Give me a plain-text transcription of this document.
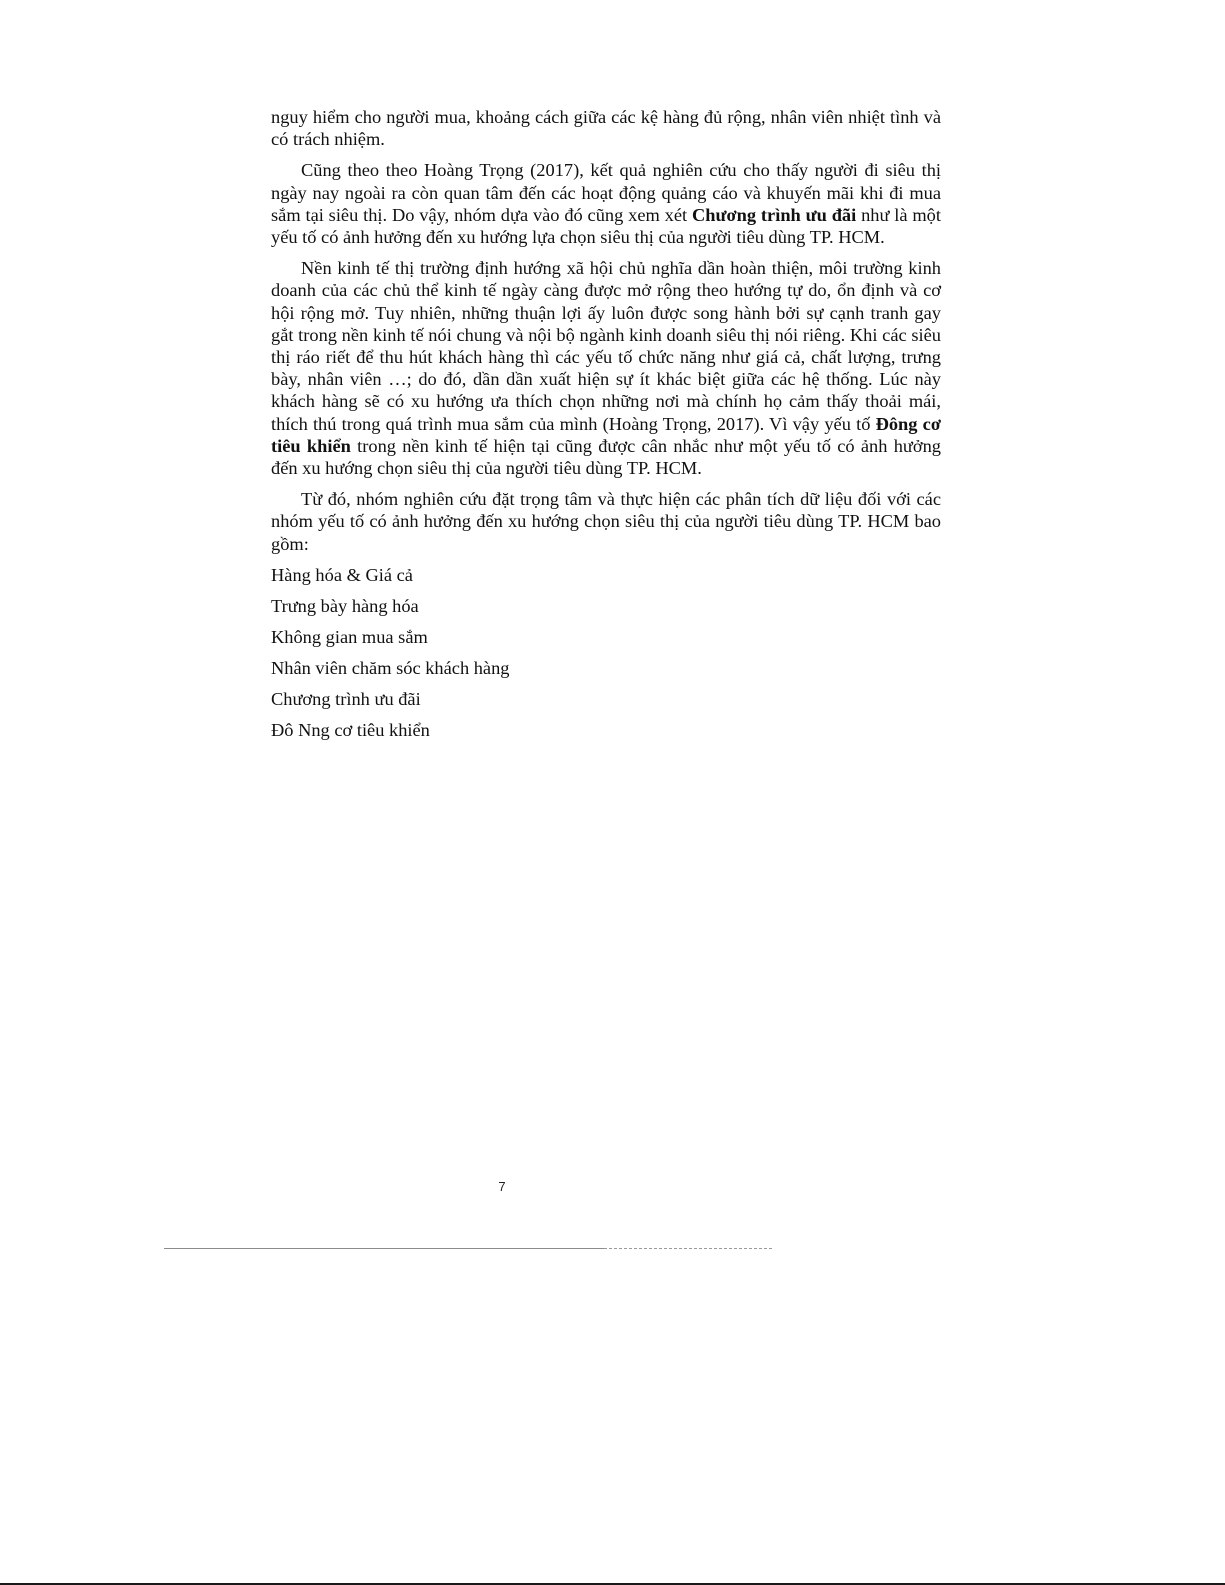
nguy hiểm cho người mua, khoảng cách giữa các kệ hàng đủ rộng, nhân viên nhiệt tình và có trách nhiệm.

Cũng theo theo Hoàng Trọng (2017), kết quả nghiên cứu cho thấy người đi siêu thị ngày nay ngoài ra còn quan tâm đến các hoạt động quảng cáo và khuyến mãi khi đi mua sắm tại siêu thị. Do vậy, nhóm dựa vào đó cũng xem xét Chương trình ưu đãi như là một yếu tố có ảnh hưởng đến xu hướng lựa chọn siêu thị của người tiêu dùng TP. HCM.

Nền kinh tế thị trường định hướng xã hội chủ nghĩa dần hoàn thiện, môi trường kinh doanh của các chủ thể kinh tế ngày càng được mở rộng theo hướng tự do, ổn định và cơ hội rộng mở. Tuy nhiên, những thuận lợi ấy luôn được song hành bởi sự cạnh tranh gay gắt trong nền kinh tế nói chung và nội bộ ngành kinh doanh siêu thị nói riêng. Khi các siêu thị ráo riết để thu hút khách hàng thì các yếu tố chức năng như giá cả, chất lượng, trưng bày, nhân viên …; do đó, dần dần xuất hiện sự ít khác biệt giữa các hệ thống. Lúc này khách hàng sẽ có xu hướng ưa thích chọn những nơi mà chính họ cảm thấy thoải mái, thích thú trong quá trình mua sắm của mình (Hoàng Trọng, 2017). Vì vậy yếu tố Đông cơ tiêu khiển trong nền kinh tế hiện tại cũng được cân nhắc như một yếu tố có ảnh hưởng đến xu hướng chọn siêu thị của người tiêu dùng TP. HCM.

Từ đó, nhóm nghiên cứu đặt trọng tâm và thực hiện các phân tích dữ liệu đối với các nhóm yếu tố có ảnh hưởng đến xu hướng chọn siêu thị của người tiêu dùng TP. HCM bao gồm:

Hàng hóa & Giá cả
Trưng bày hàng hóa
Không gian mua sắm
Nhân viên chăm sóc khách hàng
Chương trình ưu đãi
Đô Nng cơ tiêu khiển
7
